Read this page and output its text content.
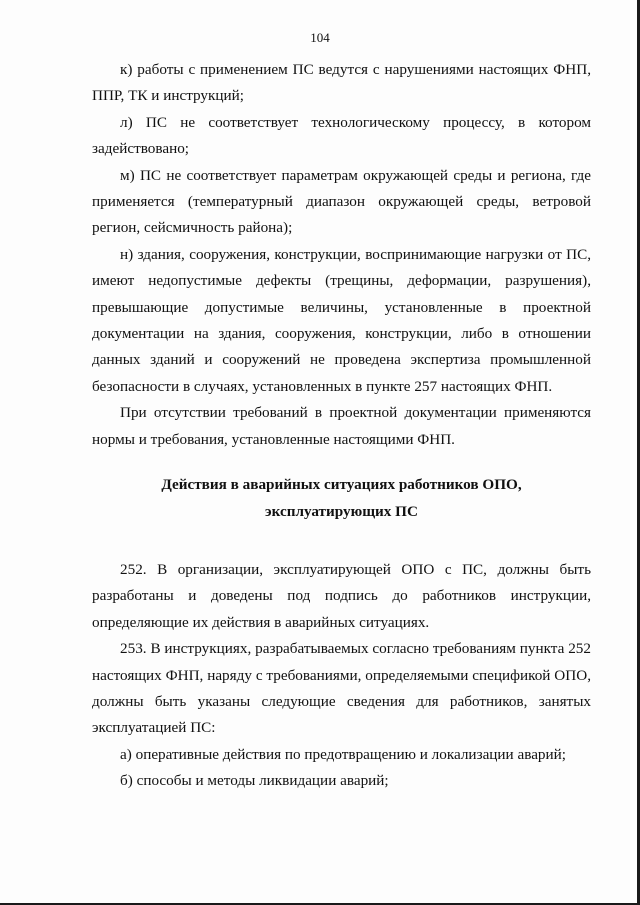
104

к) работы с применением ПС ведутся с нарушениями настоящих ФНП, ППР, ТК и инструкций;

л) ПС не соответствует технологическому процессу, в котором задействовано;

м) ПС не соответствует параметрам окружающей среды и региона, где применяется (температурный диапазон окружающей среды, ветровой регион, сейсмичность района);

н) здания, сооружения, конструкции, воспринимающие нагрузки от ПС, имеют недопустимые дефекты (трещины, деформации, разрушения), превышающие допустимые величины, установленные в проектной документации на здания, сооружения, конструкции, либо в отношении данных зданий и сооружений не проведена экспертиза промышленной безопасности в случаях, установленных в пункте 257 настоящих ФНП.

При отсутствии требований в проектной документации применяются нормы и требования, установленные настоящими ФНП.

Действия в аварийных ситуациях работников ОПО,
эксплуатирующих ПС

252. В организации, эксплуатирующей ОПО с ПС, должны быть разработаны и доведены под подпись до работников инструкции, определяющие их действия в аварийных ситуациях.

253. В инструкциях, разрабатываемых согласно требованиям пункта 252 настоящих ФНП, наряду с требованиями, определяемыми спецификой ОПО, должны быть указаны следующие сведения для работников, занятых эксплуатацией ПС:

а) оперативные действия по предотвращению и локализации аварий;

б) способы и методы ликвидации аварий;
